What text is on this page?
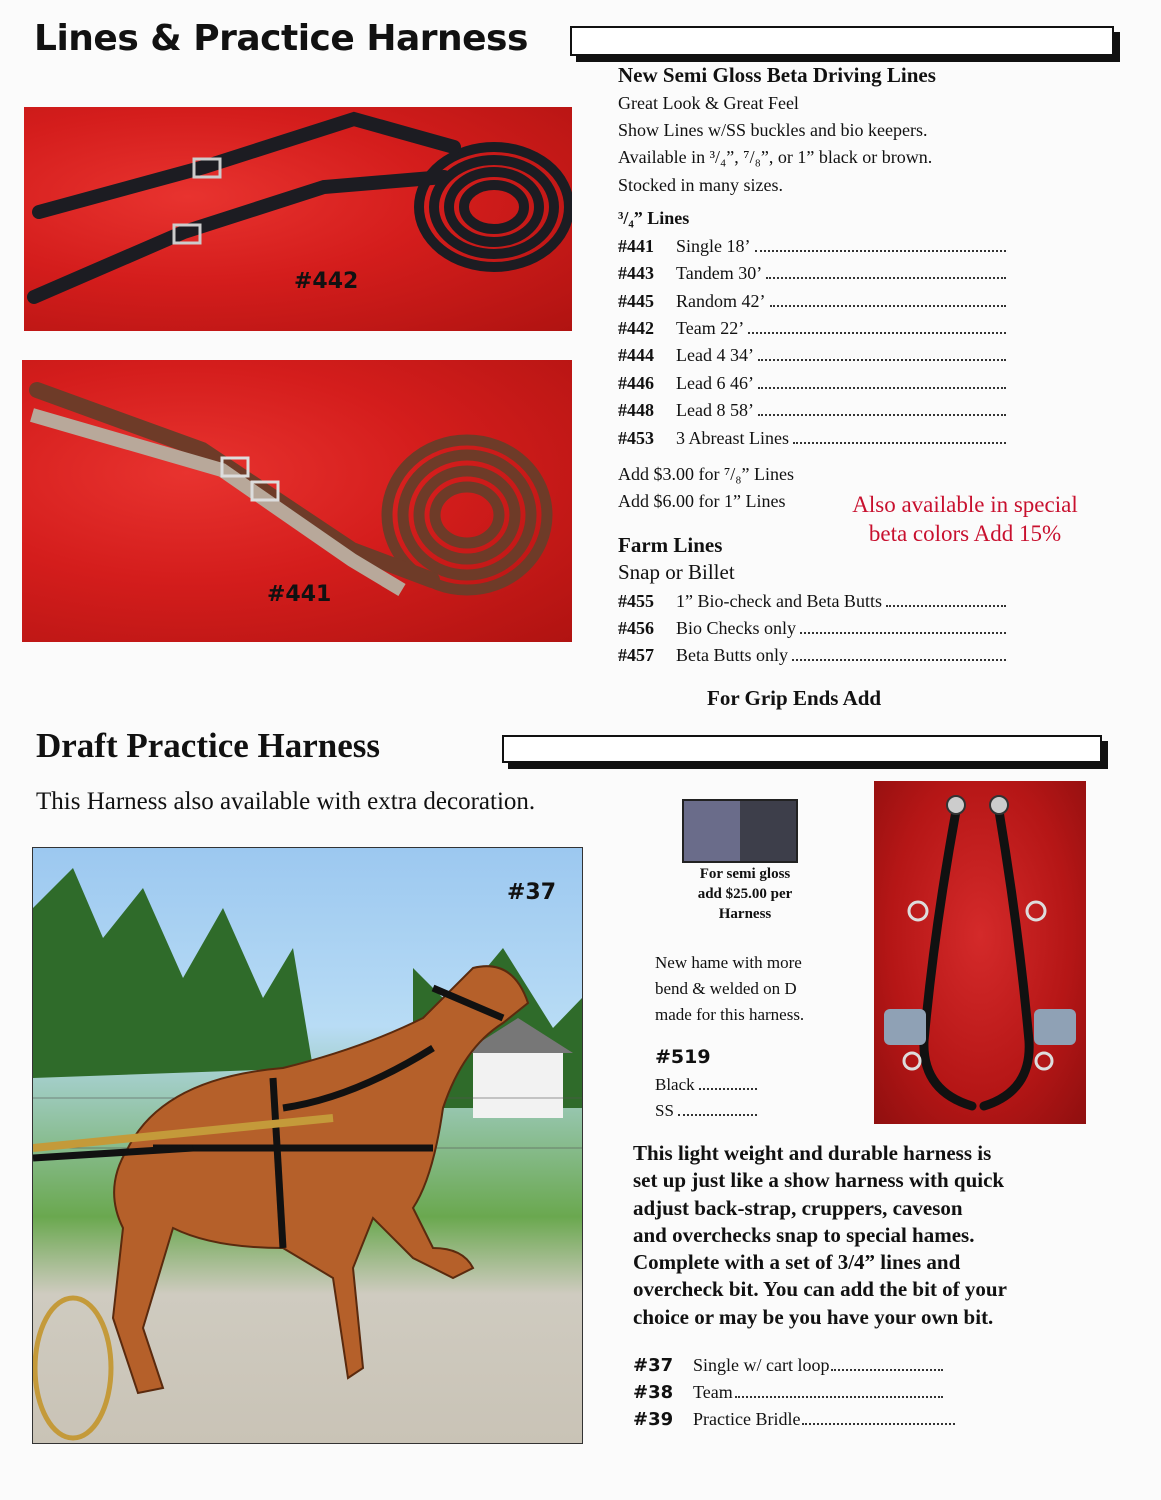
Lines & Practice Harness
#442
#441
New Semi Gloss Beta Driving Lines
Great Look & Great Feel
Show Lines w/SS buckles and bio keepers.
Available in ³/₄”, ⁷/₈”, or 1” black or brown.
Stocked in many sizes.
³/₄” Lines
#441	Single 18’
#443	Tandem 30’
#445	Random 42’
#442	Team 22’
#444	Lead 4 34’
#446	Lead 6 46’
#448	Lead 8 58’
#453	3 Abreast Lines
Add $3.00 for ⁷/₈” Lines
Add $6.00 for 1” Lines	Also available in special
beta colors Add 15%
Farm Lines
Snap or Billet
#455	1” Bio-check and Beta Butts
#456	Bio Checks only
#457	Beta Butts only
For Grip Ends Add
Draft Practice Harness
This Harness also available with extra decoration.
#37
For semi gloss
add $25.00 per
Harness
New hame with more
bend & welded on D
made for this harness.
#519
Black
SS
This light weight and durable harness is
set up just like a show harness with quick
adjust back-strap, cruppers, caveson
and overchecks snap to special hames.
Complete with a set of 3/4” lines and
overcheck bit. You can add the bit of your
choice or may be you have your own bit.
#37	Single w/ cart loop
#38	Team
#39	Practice Bridle
